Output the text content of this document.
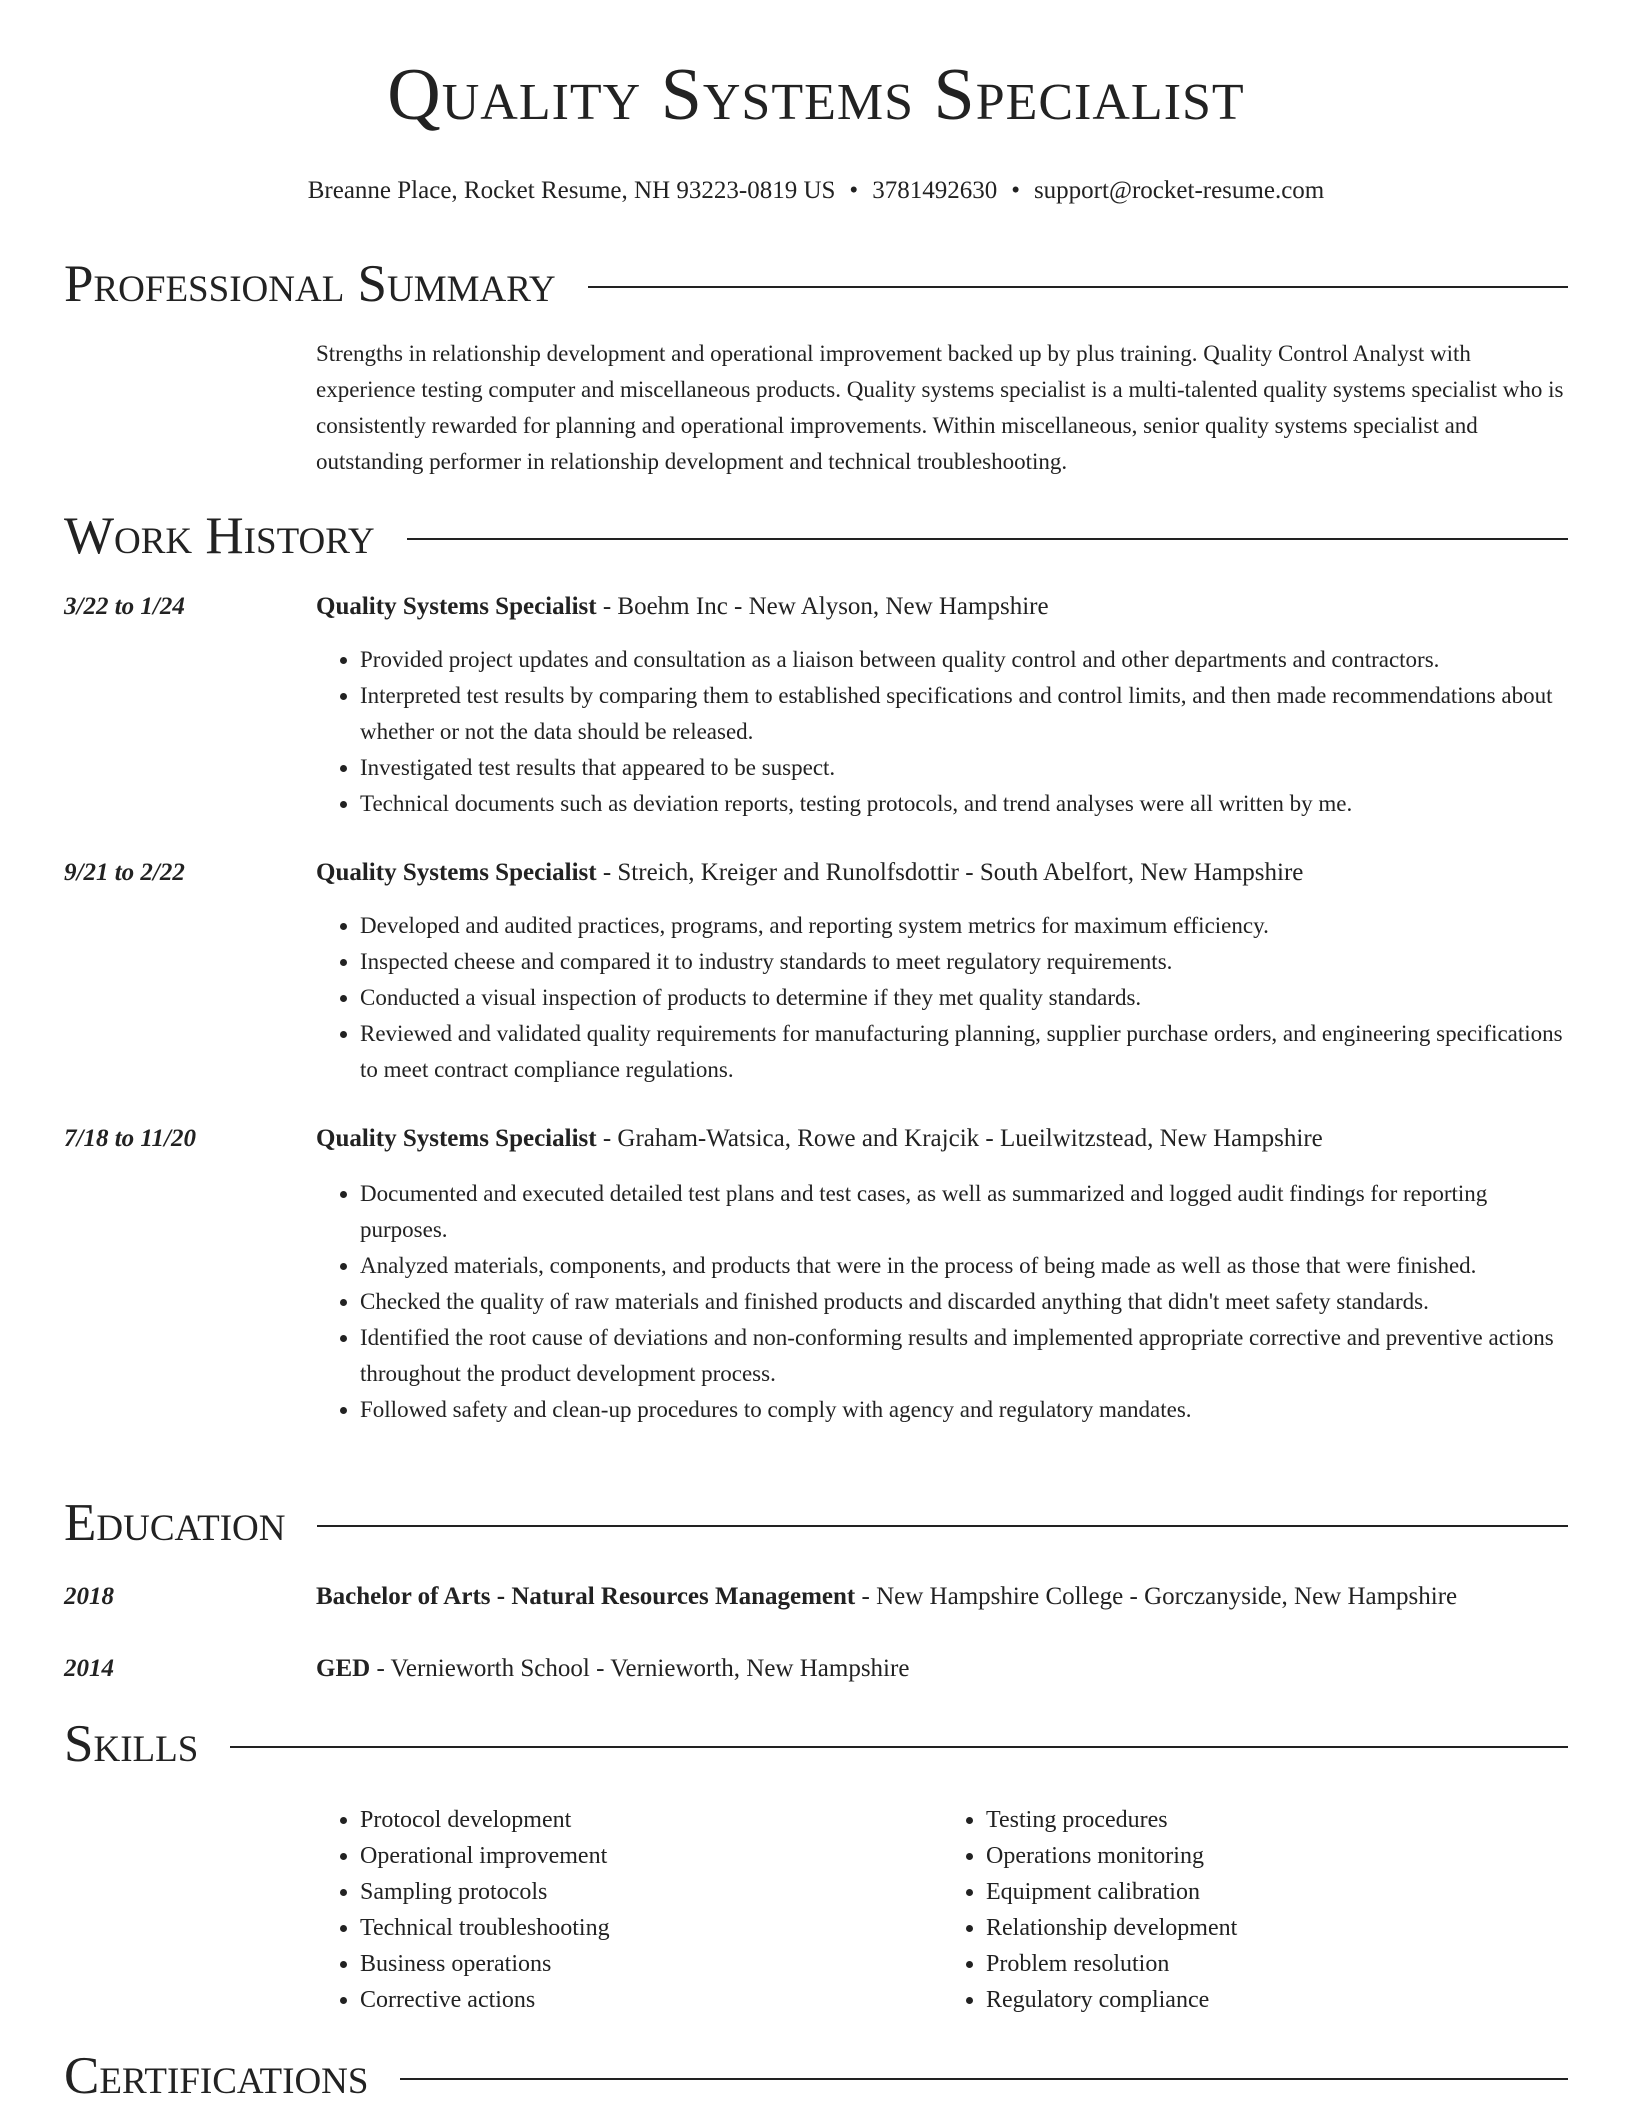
Quality Systems Specialist
Breanne Place, Rocket Resume, NH 93223-0819 US • 3781492630 • support@rocket-resume.com
Professional Summary
Strengths in relationship development and operational improvement backed up by plus training. Quality Control Analyst with experience testing computer and miscellaneous products. Quality systems specialist is a multi-talented quality systems specialist who is consistently rewarded for planning and operational improvements. Within miscellaneous, senior quality systems specialist and outstanding performer in relationship development and technical troubleshooting.
Work History
3/22 to 1/24	Quality Systems Specialist - Boehm Inc - New Alyson, New Hampshire
• Provided project updates and consultation as a liaison between quality control and other departments and contractors.
• Interpreted test results by comparing them to established specifications and control limits, and then made recommendations about whether or not the data should be released.
• Investigated test results that appeared to be suspect.
• Technical documents such as deviation reports, testing protocols, and trend analyses were all written by me.
9/21 to 2/22	Quality Systems Specialist - Streich, Kreiger and Runolfsdottir - South Abelfort, New Hampshire
• Developed and audited practices, programs, and reporting system metrics for maximum efficiency.
• Inspected cheese and compared it to industry standards to meet regulatory requirements.
• Conducted a visual inspection of products to determine if they met quality standards.
• Reviewed and validated quality requirements for manufacturing planning, supplier purchase orders, and engineering specifications to meet contract compliance regulations.
7/18 to 11/20	Quality Systems Specialist - Graham-Watsica, Rowe and Krajcik - Lueilwitzstead, New Hampshire
• Documented and executed detailed test plans and test cases, as well as summarized and logged audit findings for reporting purposes.
• Analyzed materials, components, and products that were in the process of being made as well as those that were finished.
• Checked the quality of raw materials and finished products and discarded anything that didn't meet safety standards.
• Identified the root cause of deviations and non-conforming results and implemented appropriate corrective and preventive actions throughout the product development process.
• Followed safety and clean-up procedures to comply with agency and regulatory mandates.
Education
2018	Bachelor of Arts - Natural Resources Management - New Hampshire College - Gorczanyside, New Hampshire
2014	GED - Vernieworth School - Vernieworth, New Hampshire
Skills
• Protocol development
• Operational improvement
• Sampling protocols
• Technical troubleshooting
• Business operations
• Corrective actions
• Testing procedures
• Operations monitoring
• Equipment calibration
• Relationship development
• Problem resolution
• Regulatory compliance
Certifications
